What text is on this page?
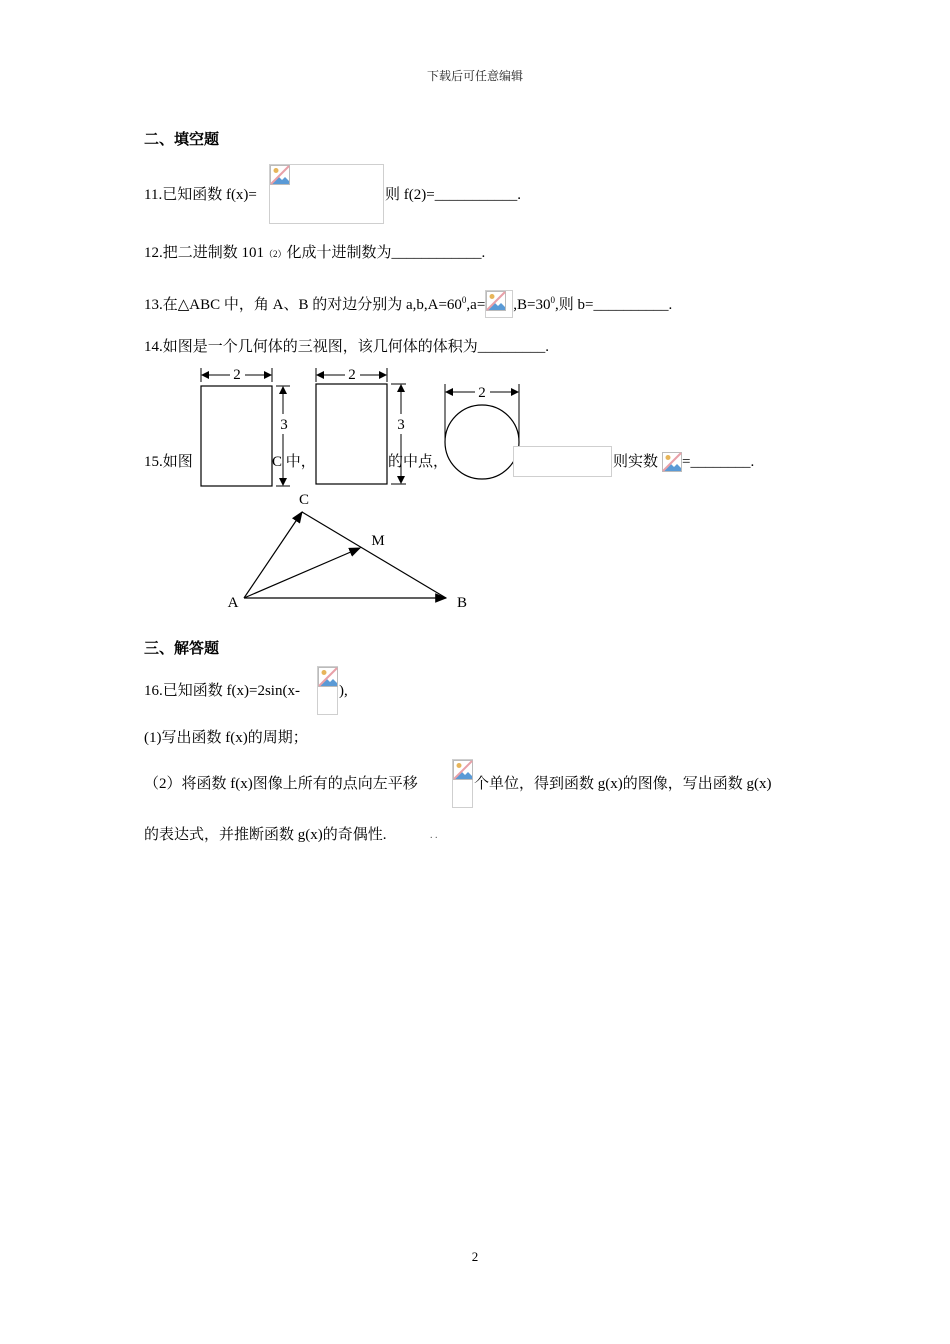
下载后可任意编辑
二、填空题
11.已知函数 f(x)=	则 f(2)=___________.
12.把二进制数 101（2）化成十进制数为____________.
13.在△ABC 中，角 A、B 的对边分别为 $a,b,A=60^0,a= ,B=30^0$,则 b=__________.
14.如图是一个几何体的三视图，该几何体的体积为_________.
2
3
2
3
2
15.如图	C 中，	的中点，	则实数 =________.
A	B
C
M
三、解答题
16.已知函数 f(x)=2sin(x-	),
(1)写出函数 f(x)的周期；
（2）将函数 f(x)图像上所有的点向左平移	个单位，得到函数 g(x)的图像，写出函数 g(x)
的表达式，并推断函数 g(x)的奇偶性.	. .
2
